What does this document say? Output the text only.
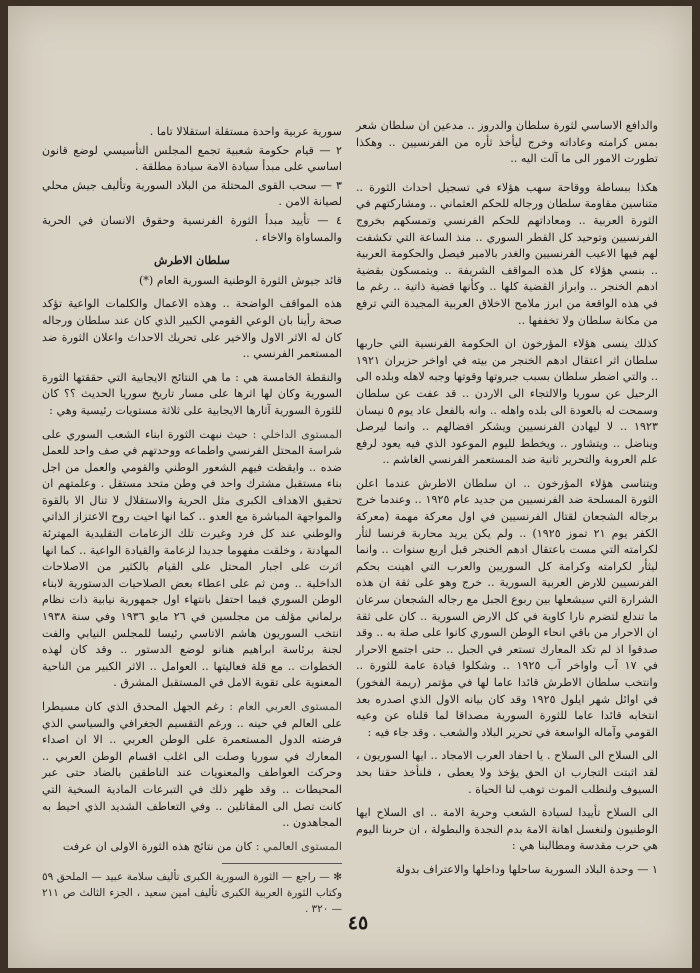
والدافع الاساسي لثورة سلطان والدروز .. مدعين ان سلطان شعر بمس كرامته وعاداته وخرج ليأخذ ثأره من الفرنسيين .. وهكذا تطورت الامور الى ما آلت اليه ..

هكذا ببساطة ووقاحة سهب هؤلاء في تسجيل احداث الثورة .. متناسين مقاومة سلطان ورجاله للحكم العثماني .. ومشاركتهم في الثورة العربية .. ومعاداتهم للحكم الفرنسي وتمسكهم بخروج الفرنسيين وتوحيد كل القطر السوري .. منذ الساعة التي تكشفت لهم فيها الاعيب الفرنسيين والغدر بالامير فيصل والحكومة العربية .. بنسي هؤلاء كل هذه المواقف الشريفة .. ويتمسكون بقضية ادهم الخنجر .. وابراز القضية كلها .. وكأنها قضية ذاتية .. رغم ما في هذه الواقعة من ابرز ملامح الاخلاق العربية المجيدة التي ترفع من مكانة سلطان ولا تخففها ..

كذلك ينسى هؤلاء المؤرخون ان الحكومة الفرنسية التي حاربها سلطان اثر اعتقال ادهم الخنجر من بيته في اواخر حزيران ١٩٢١ .. والتي اضطر سلطان بسبب جبروتها وقوتها وجبه لاهله وبلده الى الرحيل عن سوريا والالتجاء الى الاردن .. قد عفت عن سلطان وسمحت له بالعودة الى بلده واهله .. وانه بالفعل عاد يوم ٥ نيسان ١٩٢٣ .. لا ليهادن الفرنسيين ويشكر افضالهم .. وانما ليرصل ويناضل .. ويتشاور .. ويخطط لليوم الموعود الذي فيه يعود لرفع علم العروبة والتحرير ثانية ضد المستعمر الفرنسي الغاشم ..

ويتناسى هؤلاء المؤرخون .. ان سلطان الاطرش عندما اعلن الثورة المسلحة ضد الفرنسيين من جديد عام ١٩٢٥ .. وعندما خرج برجاله الشجعان لقتال الفرنسيين في اول معركة مهمة (معركة الكفر يوم ٢١ تموز ١٩٢٥) .. ولم يكن يريد محاربة فرنسا لثأر لكرامته التي مست باعتقال ادهم الخنجر قبل اربع سنوات .. وانما ليثأر لكرامته وكرامة كل السوريين والعرب التي اهينت بحكم الفرنسيين للارض العربية السورية .. خرج وهو على ثقة ان هذه الشرارة التي سيشعلها بين ربوع الجبل مع رجاله الشجعان سرعان ما تندلع لتضرم نارا كاوية في كل الارض السورية .. كان على ثقة ان الاحرار من باقي انحاء الوطن السوري كانوا على صلة به .. وقد صدقوا اذ لم تكد المعارك تستعر في الجبل .. حتى اجتمع الاحرار في ١٧ آب واواخر آب ١٩٢٥ .. وشكلوا قيادة عامة للثورة .. وانتخب سلطان الاطرش قائدا عاما لها في مؤتمر (ريمة الفخور) في اوائل شهر ايلول ١٩٢٥ وقد كان بيانه الاول الذي اصدره بعد انتخابه قائدا عاما للثورة السورية مصداقا لما قلناه عن وعيه القومي وآماله الواسعة في تحرير البلاد والشعب . وقد جاء فيه :

الى السلاح الى السلاح . يا احفاد العرب الامجاد .. ايها السوريون ، لقد اثبتت التجارب ان الحق يؤخذ ولا يعطى ، فلنأخذ حقنا بحد السيوف ولنطلب الموت توهب لنا الحياة .

الى السلاح تأييدا لسيادة الشعب وحرية الامة .. اى السلاح ايها الوطنيون ولنغسل اهانة الامة بدم النجدة والبطولة ، ان حربنا اليوم هي حرب مقدسة ومطالبنا هي :

١ — وحدة البلاد السورية ساحلها وداخلها والاعتراف بدولة

سورية عربية واحدة مستقلة استقلالا تاما .

٢ — قيام حكومة شعبية تجمع المجلس التأسيسي لوضع قانون اساسي على مبدأ سيادة الامة سيادة مطلقة .

٣ — سحب القوى المحتلة من البلاد السورية وتأليف جيش محلي لصيانة الامن .

٤ — تأييد مبدأ الثورة الفرنسية وحقوق الانسان في الحرية والمساواة والاخاء .

سلطان الاطرش

قائد جيوش الثورة الوطنية السورية العام (*)

هذه المواقف الواضحة .. وهذه الاعمال والكلمات الواعية تؤكد صحة رأينا بان الوعي القومي الكبير الذي كان عند سلطان ورجاله كان له الاثر الاول والاخير على تحريك الاحداث واعلان الثورة ضد المستعمر الفرنسي ..

والنقطة الخامسة هي : ما هي النتائج الايجابية التي حققتها الثورة السورية وكان لها اثرها على مسار تاريخ سوريا الحديث ؟؟ كان للثورة السورية آثارها الايجابية على ثلاثة مستويات رئيسية وهي :

المستوى الداخلي : حيث نبهت الثورة ابناء الشعب السوري على شراسة المحتل الفرنسي واطماعه ووحدتهم في صف واحد للعمل ضده .. وايقظت فيهم الشعور الوطني والقومي والعمل من اجل بناء مستقبل مشترك واحد في وطن متحد مستقل . وعلمتهم ان تحقيق الاهداف الكبرى مثل الحرية والاستقلال لا تنال الا بالقوة والمواجهة المباشرة مع العدو .. كما انها احيت روح الاعتزاز الذاتي والوطني عند كل فرد وغيرت تلك الزعامات التقليدية المهترئة المهادنة ، وخلقت مفهوما جديدا لزعامة والقيادة الواعية .. كما انها اثرت على اجبار المحتل على القيام بالكثير من الاصلاحات الداخلية .. ومن ثم على اعطاء بعض الصلاحيات الدستورية لابناء الوطن السوري فيما احتفل بانتهاء اول جمهورية نيابية ذات نظام برلماني مؤلف من مجلسين في ٢٦ مايو ١٩٣٦ وفي سنة ١٩٣٨ انتخب السوريون هاشم الاتاسي رئيسا للمجلس النيابي والفت لجنة برئاسة ابراهيم هنانو لوضع الدستور .. وقد كان لهذه الخطوات .. مع قلة فعاليتها .. العوامل .. الاثر الكبير من الناحية المعنوية على تقوية الامل في المستقبل المشرق .

المستوى العربي العام : رغم الجهل المحدق الذي كان مسيطرا على العالم في حينه .. ورغم التقسيم الجغرافي والسياسي الذي فرضته الدول المستعمرة على الوطن العربي .. الا ان اصداء المعارك في سوريا وصلت الى اغلب اقسام الوطن العربي .. وحركت العواطف والمعنويات عند الناطقين بالضاد حتى عبر المحيطات .. وقد ظهر ذلك في التبرعات المادية السخية التي كانت تصل الى المقاتلين .. وفي التعاطف الشديد الذي احيط به المجاهدون ..

المستوى العالمي : كان من نتائج هذه الثورة الاولى ان عرفت

✻ — راجع — الثورة السورية الكبرى تأليف سلامة عبيد — الملحق ٥٩ وكتاب الثورة العربية الكبرى تأليف امين سعيد ، الجزء الثالث ص ٢١١ — ٣٢٠ .

٤٥
